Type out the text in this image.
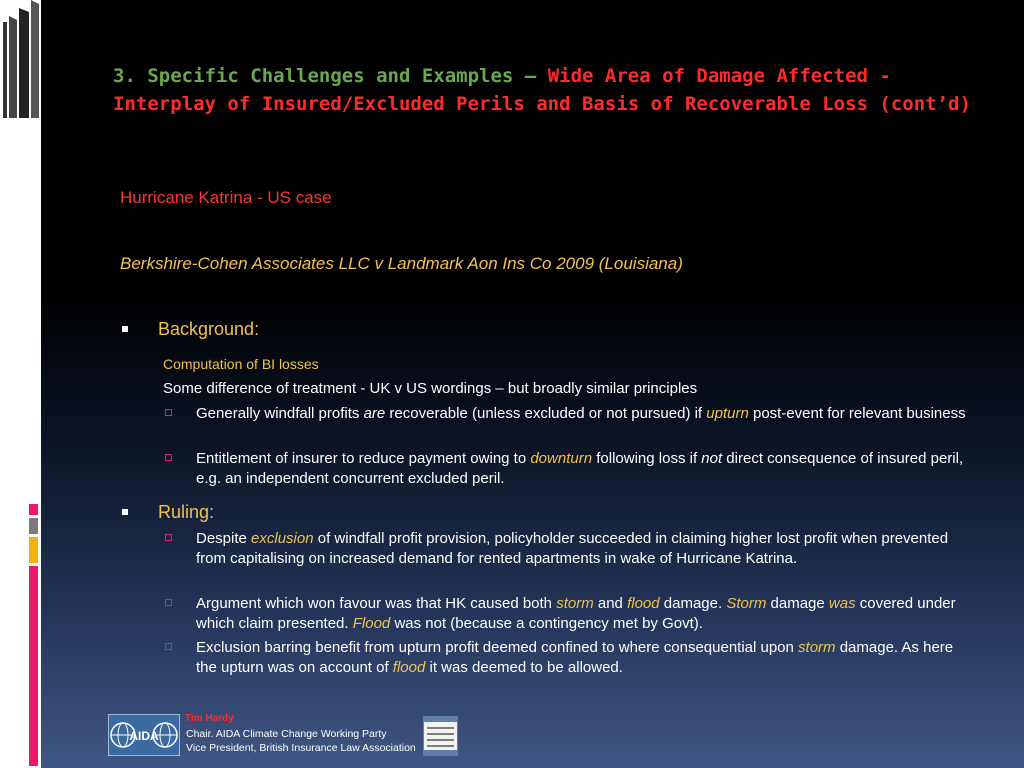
3. Specific Challenges and Examples – Wide Area of Damage Affected -
Interplay of Insured/Excluded Perils and Basis of Recoverable Loss (cont’d)

Hurricane Katrina - US case

Berkshire-Cohen Associates LLC v Landmark Aon Ins Co 2009 (Louisiana)

Background:

Computation of BI losses

Some difference of treatment - UK v US wordings – but broadly similar principles

Generally windfall profits are recoverable (unless excluded or not pursued) if upturn post-event for relevant business

Entitlement of insurer to reduce payment owing to downturn following loss if not direct consequence of insured peril, e.g. an independent concurrent excluded peril.

Ruling:

Despite exclusion of windfall profit provision, policyholder succeeded in claiming higher lost profit when prevented from capitalising on increased demand for rented apartments in wake of Hurricane Katrina.

Argument which won favour was that HK caused both storm and flood damage. Storm damage was covered under which claim presented. Flood was not (because a contingency met by Govt).

Exclusion barring benefit from upturn profit deemed confined to where consequential upon storm damage. As here the upturn was on account of flood it was deemed to be allowed.

AIDA

Tim Hardy

Chair. AIDA Climate Change Working Party

Vice President, British Insurance Law Association
